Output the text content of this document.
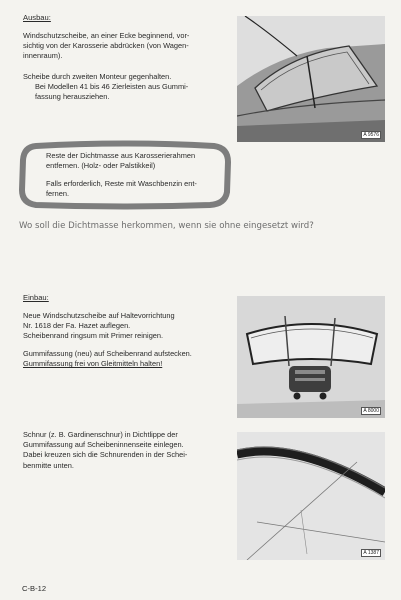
Ausbau:
Windschutzscheibe, an einer Ecke beginnend, vor-
sichtig von der Karosserie abdrücken (von Wagen-
innenraum).
Scheibe durch zweiten Monteur gegenhalten.

Bei Modellen 41 bis 46 Zierleisten aus Gummi-
fassung herausziehen.
A 9576
Reste der Dichtmasse aus Karosserierahmen
entfernen. (Holz- oder Palstikkeil)
Falls erforderlich, Reste mit Waschbenzin ent-
fernen.
Wo soll die Dichtmasse herkommen, wenn sie ohne eingesetzt wird?
Einbau:
Neue Windschutzscheibe auf Haltevorrichtung
Nr. 1618 der Fa. Hazet auflegen.
Scheibenrand ringsum mit Primer reinigen.
Gummifassung (neu) auf Scheibenrand aufstecken.
Gummifassung frei von Gleitmitteln halten!
A 8000
Schnur (z. B. Gardinenschnur) in Dichtlippe der
Gummifassung auf Scheibeninnenseite einlegen.
Dabei kreuzen sich die Schnurenden in der Schei-
benmitte unten.
A 1387
C-B-12
